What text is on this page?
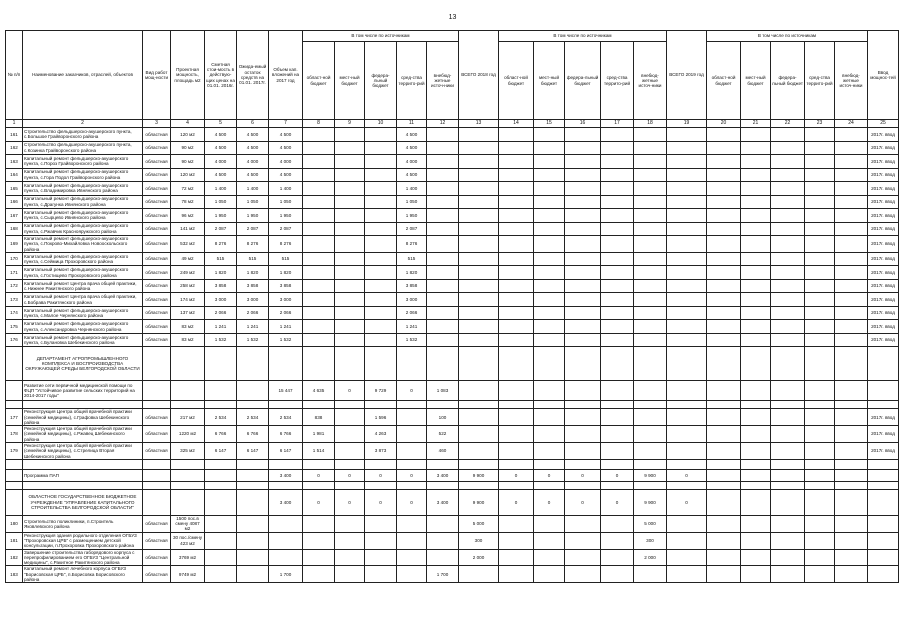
13
№ п/п	Наименование заказчиков, отраслей, объектов	Вид работ мощ-ности	Проектная мощность, площадь м2	Сметная стои-мость в действую-щих ценах на 01.01. 2016г.	Ожида-емый остаток средств на 01.01. 2017г.	Объем кап. вложений на 2017 год	В том числе по источникам					ВСЕГО 2018 год	В том числе по источникам					ВСЕГО 2019 год	В том числе по источникам					Ввод мощнос-тей
							област-ной бюджет	мест-ный бюджет	федера-льный бюджет	сред-ства террито-рий	внебюд-жетные источ-ники		област-ной бюджет	мест-ный бюджет	федера-льный бюджет	сред-ства террито-рий	внебюд-жетные источ-ники		област-ной бюджет	мест-ный бюджет	федера-льный бюджет	сред-ства террито-рий	внебюд-жетные источ-ники	
1	2	3	4	5	6	7	8	9	10	11	12	13	14	15	16	17	18	19	20	21	22	23	24	25
161	Строительство фельдшерско-акушерского пункта, с.Большое Грайворонского района	областная	120 м2	4 500	4 500	4 500				4 500														2017г. ввод
162	Строительство фельдшерско-акушерского пункта, с.Козинка Грайворонского района	областная	90 м2	4 500	4 500	4 500				4 500														2017г. ввод
163	Капитальный ремонт фельдшерско-акушерского пункта, с.Пороз Грайворонского района	областная	90 м2	4 000	4 000	4 000				4 000														2017г. ввод
164	Капитальный ремонт фельдшерско-акушерского пункта, с.Гора Подол Грайворонского района	областная	120 м2	4 500	4 500	4 500				4 500														2017г. ввод
165	Капитальный ремонт фельдшерско-акушерского пункта, с.Владимировка Ивнянского района	областная	72 м2	1 400	1 400	1 400				1 400														2017г. ввод
166	Капитальный ремонт фельдшерско-акушерского пункта, с.Драгунка Ивнянского района	областная	78 м2	1 050	1 050	1 050				1 050														2017г. ввод
167	Капитальный ремонт фельдшерско-акушерского пункта, с.Сырцево Ивнянского района	областная	96 м2	1 950	1 950	1 950				1 950														2017г. ввод
168	Капитальный ремонт фельдшерско-акушерского пункта, с.Ржавчик Краснояружского района	областная	141 м2	2 087	2 087	2 087				2 087														2017г. ввод
169	Капитальный ремонт фельдшерско-акушерского пункта, с.Покрово-Михайловка Новооскольского района	областная	532 м2	8 276	8 276	8 276				8 276														2017г. ввод
170	Капитальный ремонт фельдшерско-акушерского пункта, с.Сеймица Прохоровского района	областная	49 м2	515	515	515				515														2017г. ввод
171	Капитальный ремонт фельдшерско-акушерского пункта, с.Гостищево Прохоровского района	областная	249 м2	1 820	1 820	1 820				1 820														2017г. ввод
172	Капитальный ремонт Центра врача общей практики, с.Нижнее Ракитянского района	областная	258 м2	3 858	3 858	3 858				3 858														2017г. ввод
173	Капитальный ремонт Центра врача общей практики, с.Бобрава Ракитянского района	областная	174 м2	3 000	3 000	3 000				3 000														2017г. ввод
174	Капитальный ремонт фельдшерско-акушерского пункта, с.Малое Чернянского района	областная	137 м2	2 066	2 066	2 066				2 066														2017г. ввод
175	Капитальный ремонт фельдшерско-акушерского пункта, с.Александровка Чернянского района	областная	83 м2	1 241	1 241	1 241				1 241														2017г. ввод
176	Капитальный ремонт фельдшерско-акушерского пункта, с.Булановка Шебекинского района	областная	83 м2	1 532	1 532	1 532				1 532														2017г. ввод
	ДЕПАРТАМЕНТ АГРОПРОМЫШЛЕННОГО КОМПЛЕКСА И ВОСПРОИЗВОДСТВА ОКРУЖАЮЩЕЙ СРЕДЫ БЕЛГОРОДСКОЙ ОБЛАСТИ																							
	Развитие сети первичной медицинской помощи по ФЦП "Устойчивое развитие сельских территорий на 2014-2017 годы"					15 447	4 635	0	9 729	0	1 083													

177	Реконструкция Центра общей врачебной практики (семейной медицины), с.Графовка Шебекинского района	областная	217 м2	2 534	2 534	2 534	838		1 596		100													2017г. ввод
178	Реконструкция Центра общей врачебной практики (семейной медицины), с.Ржавец Шебекинского района	областная	1220 м2	6 766	6 766	6 766	1 981		4 263		522													2017г. ввод
179	Реконструкция Центра общей врачебной практики (семейной медицины), с.Стрелица Вторая Шебекинского района	областная	325 м2	6 147	6 147	6 147	1 514		3 873		460													2017г. ввод

	Программа ПАП					3 400	0	0	0	0	3 400	9 900	0	0	0	0	9 900	0						

	ОБЛАСТНОЕ ГОСУДАРСТВЕННОЕ БЮДЖЕТНОЕ УЧРЕЖДЕНИЕ "УПРАВЛЕНИЕ КАПИТАЛЬНОГО СТРОИТЕЛЬСТВА БЕЛГОРОДСКОЙ ОБЛАСТИ"					3 400	0	0	0	0	3 400	9 900	0	0	0	0	9 900	0						
180	Строительство поликлиники, п.Строитель Яковлевского района	областная	1500 пос.в смену 4087 м2									5 000					5 000							
181	Реконструкция здания родильного отделения ОГБУЗ "Прохоровская ЦРБ" с размещением детской консультации, п.Прохоровка Прохоровского района	областная	30 пос./смену 423 м2									300					300							
182	Завершение строительства габорядового корпуса с перепрофилированием его ОГБУЗ "Центральной медицины", с.Ракитное Ракитянского района	областная	3769 м2									2 000					2 000							
183	Капитальный ремонт лечебного корпуса ОГБУЗ "Борисовская ЦРБ", п.Борисовка Борисовского района	областная	9749 м2			1 700					1 700													
